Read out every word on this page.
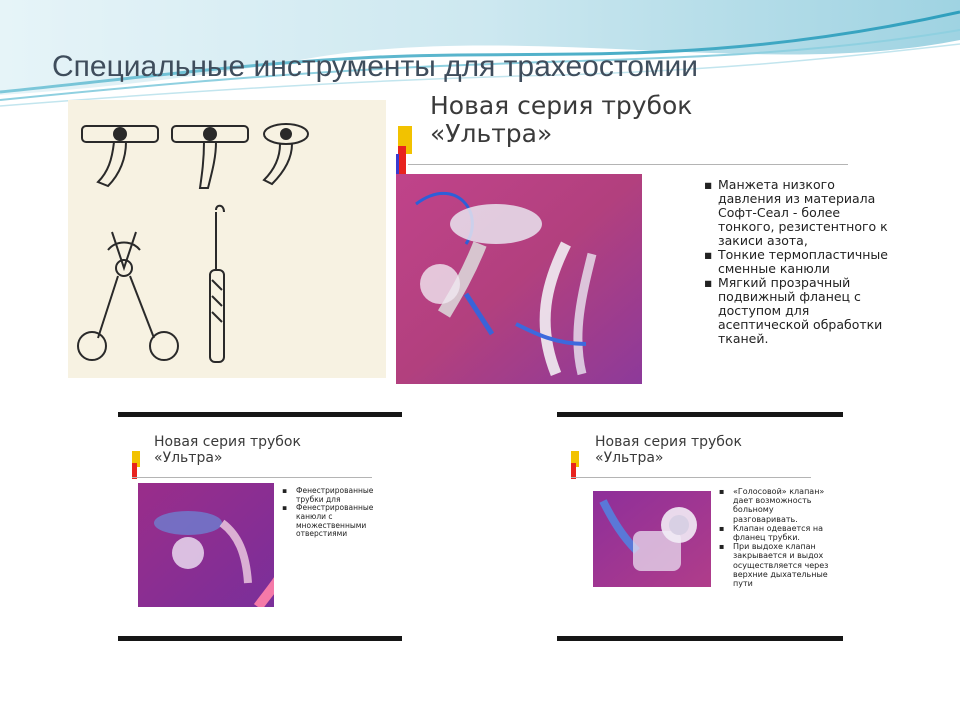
Специальные инструменты для трахеостомии
Новая серия трубок
«Ультра»
▪ Манжета низкого давления из материала Софт-Сеал - более тонкого, резистентного к закиси азота,
▪ Тонкие термопластичные сменные канюли
▪ Мягкий прозрачный подвижный фланец с доступом для асептической обработки тканей.
Новая серия трубок
«Ультра»
▪ Фенестрированные трубки для
▪ Фенестрированные канюли с множественными отверстиями
Новая серия трубок
«Ультра»
▪ «Голосовой» клапан» дает возможность больному разговаривать.
▪ Клапан одевается на фланец трубки.
▪ При выдохе клапан закрывается и выдох осуществляется через верхние дыхательные пути
